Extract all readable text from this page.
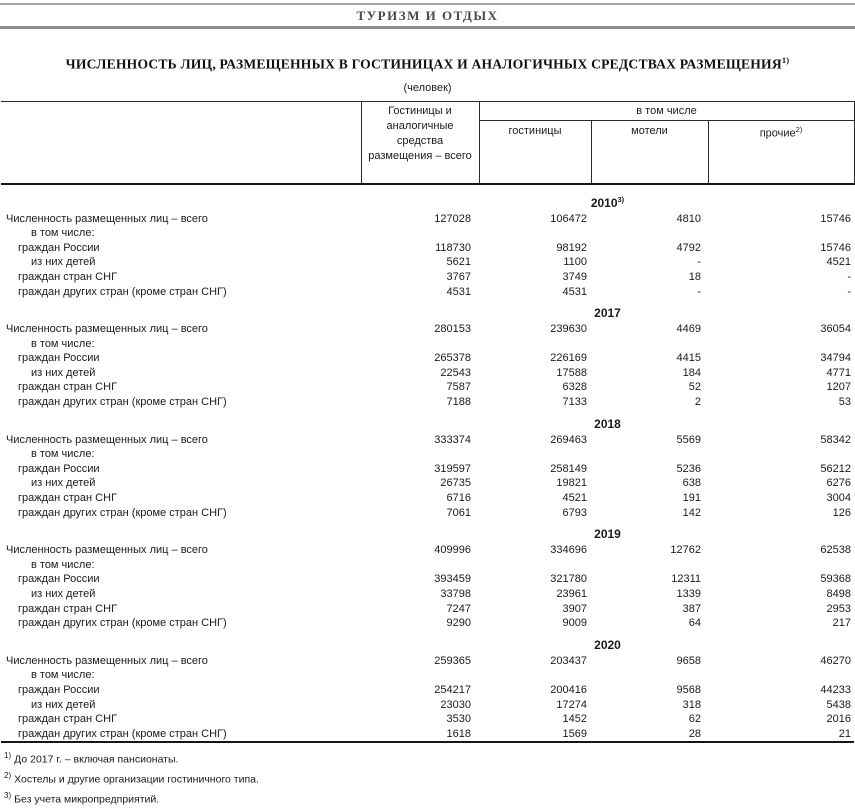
ТУРИЗМ И ОТДЫХ
ЧИСЛЕННОСТЬ ЛИЦ, РАЗМЕЩЕННЫХ В ГОСТИНИЦАХ И АНАЛОГИЧНЫХ СРЕДСТВАХ РАЗМЕЩЕНИЯ$^{1)}$
(человек)
	Гостиницы и аналогичные средства размещения – всего	в том числе		
		гостиницы	мотели	прочие$^{2)}$
2010$^{3)}$
Численность размещенных лиц – всего	127028	106472	4810	15746
в том числе:				
граждан России	118730	98192	4792	15746
из них детей	5621	1100	-	4521
граждан стран СНГ	3767	3749	18	-
граждан других стран (кроме стран СНГ)	4531	4531	-	-
2017				
Численность размещенных лиц – всего	280153	239630	4469	36054
в том числе:				
граждан России	265378	226169	4415	34794
из них детей	22543	17588	184	4771
граждан стран СНГ	7587	6328	52	1207
граждан других стран (кроме стран СНГ)	7188	7133	2	53
2018				
Численность размещенных лиц – всего	333374	269463	5569	58342
в том числе:				
граждан России	319597	258149	5236	56212
из них детей	26735	19821	638	6276
граждан стран СНГ	6716	4521	191	3004
граждан других стран (кроме стран СНГ)	7061	6793	142	126
2019				
Численность размещенных лиц – всего	409996	334696	12762	62538
в том числе:				
граждан России	393459	321780	12311	59368
из них детей	33798	23961	1339	8498
граждан стран СНГ	7247	3907	387	2953
граждан других стран (кроме стран СНГ)	9290	9009	64	217
2020				
Численность размещенных лиц – всего	259365	203437	9658	46270
в том числе:				
граждан России	254217	200416	9568	44233
из них детей	23030	17274	318	5438
граждан стран СНГ	3530	1452	62	2016
граждан других стран (кроме стран СНГ)	1618	1569	28	21
$^{1)}$ До 2017 г. – включая пансионаты.
$^{2)}$ Хостелы и другие организации гостиничного типа.
$^{3)}$ Без учета микропредприятий.
